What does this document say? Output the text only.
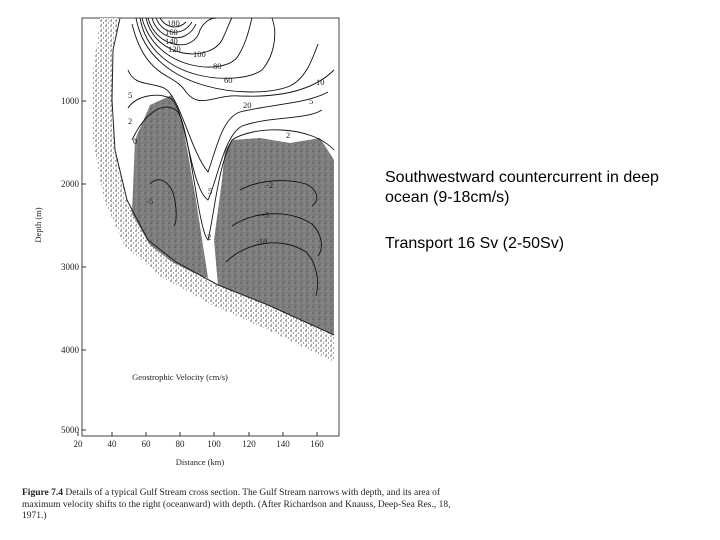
1000
2000
3000
4000
5000
Depth (m)
20	40	60	80	100 120 140 160
Distance (km)
Geostrophic Velocity (cm/s)
180
160
140
120 100
80
60
20
10
5
5
2
2
0
5
2
-5
-2
-5
-10
Southwestward countercurrent in deep ocean (9-18cm/s)
Transport 16 Sv (2-50Sv)
Figure 7.4 Details of a typical Gulf Stream cross section. The Gulf Stream narrows with depth, and its area of maximum velocity shifts to the right (oceanward) with depth. (After Richardson and Knauss, Deep-Sea Res., 18, 1971.)
